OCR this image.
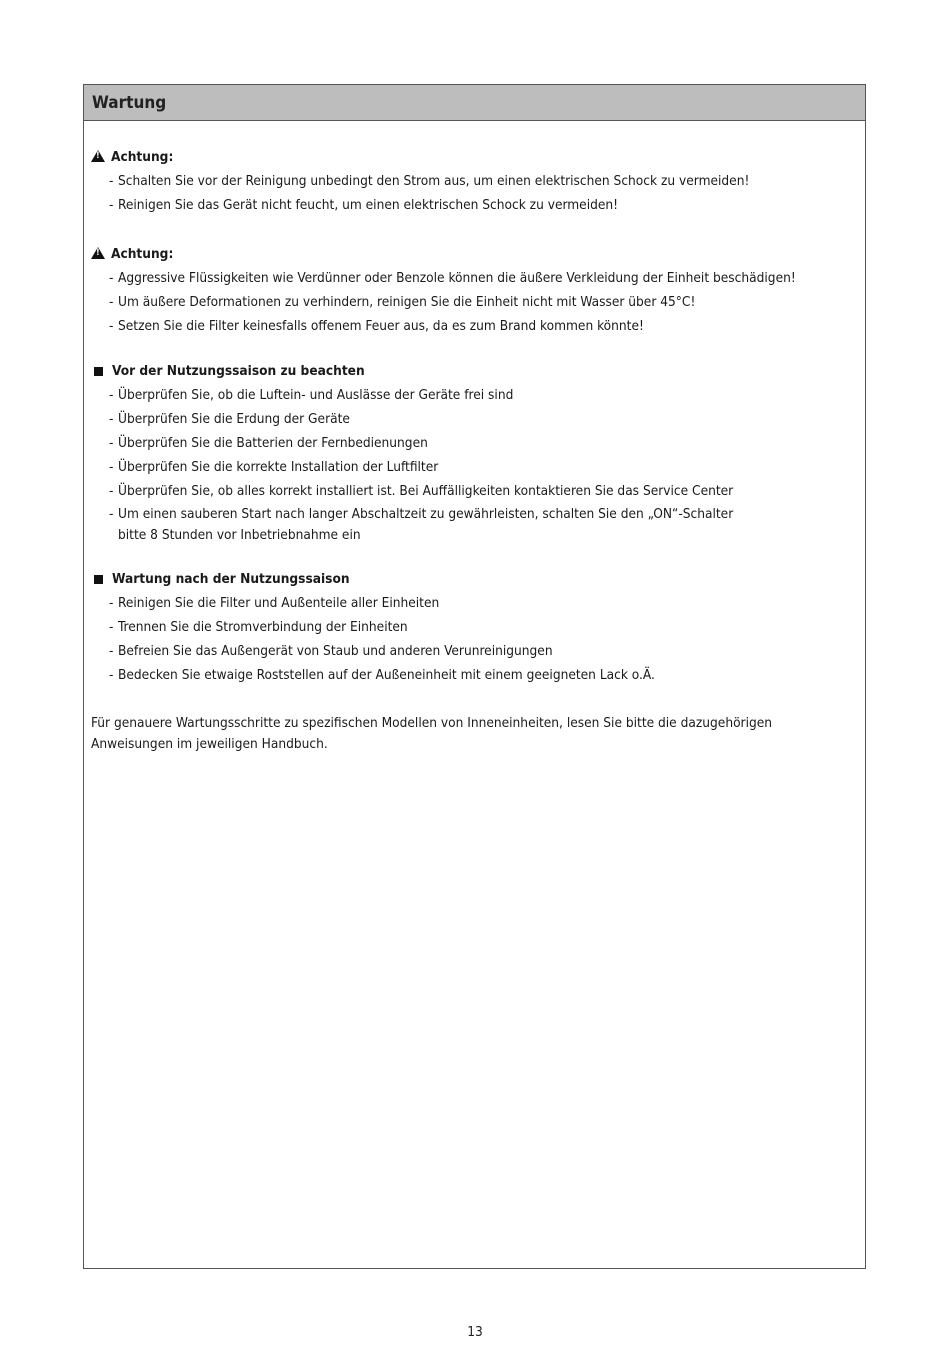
Wartung
!
Achtung:
- Schalten Sie vor der Reinigung unbedingt den Strom aus, um einen elektrischen Schock zu vermeiden!
- Reinigen Sie das Gerät nicht feucht, um einen elektrischen Schock zu vermeiden!
!
Achtung:
- Aggressive Flüssigkeiten wie Verdünner oder Benzole können die äußere Verkleidung der Einheit beschädigen!
- Um äußere Deformationen zu verhindern, reinigen Sie die Einheit nicht mit Wasser über 45°C!
- Setzen Sie die Filter keinesfalls offenem Feuer aus, da es zum Brand kommen könnte!
Vor der Nutzungssaison zu beachten
- Überprüfen Sie, ob die Luftein- und Auslässe der Geräte frei sind
- Überprüfen Sie die Erdung der Geräte
- Überprüfen Sie die Batterien der Fernbedienungen
- Überprüfen Sie die korrekte Installation der Luftfilter
- Überprüfen Sie, ob alles korrekt installiert ist. Bei Auffälligkeiten kontaktieren Sie das Service Center
- Um einen sauberen Start nach langer Abschaltzeit zu gewährleisten, schalten Sie den „ON“-Schalter
bitte 8 Stunden vor Inbetriebnahme ein
Wartung nach der Nutzungssaison
- Reinigen Sie die Filter und Außenteile aller Einheiten
- Trennen Sie die Stromverbindung der Einheiten
- Befreien Sie das Außengerät von Staub und anderen Verunreinigungen
- Bedecken Sie etwaige Roststellen auf der Außeneinheit mit einem geeigneten Lack o.Ä.
Für genauere Wartungsschritte zu spezifischen Modellen von Inneneinheiten, lesen Sie bitte die dazugehörigen
Anweisungen im jeweiligen Handbuch.
13
